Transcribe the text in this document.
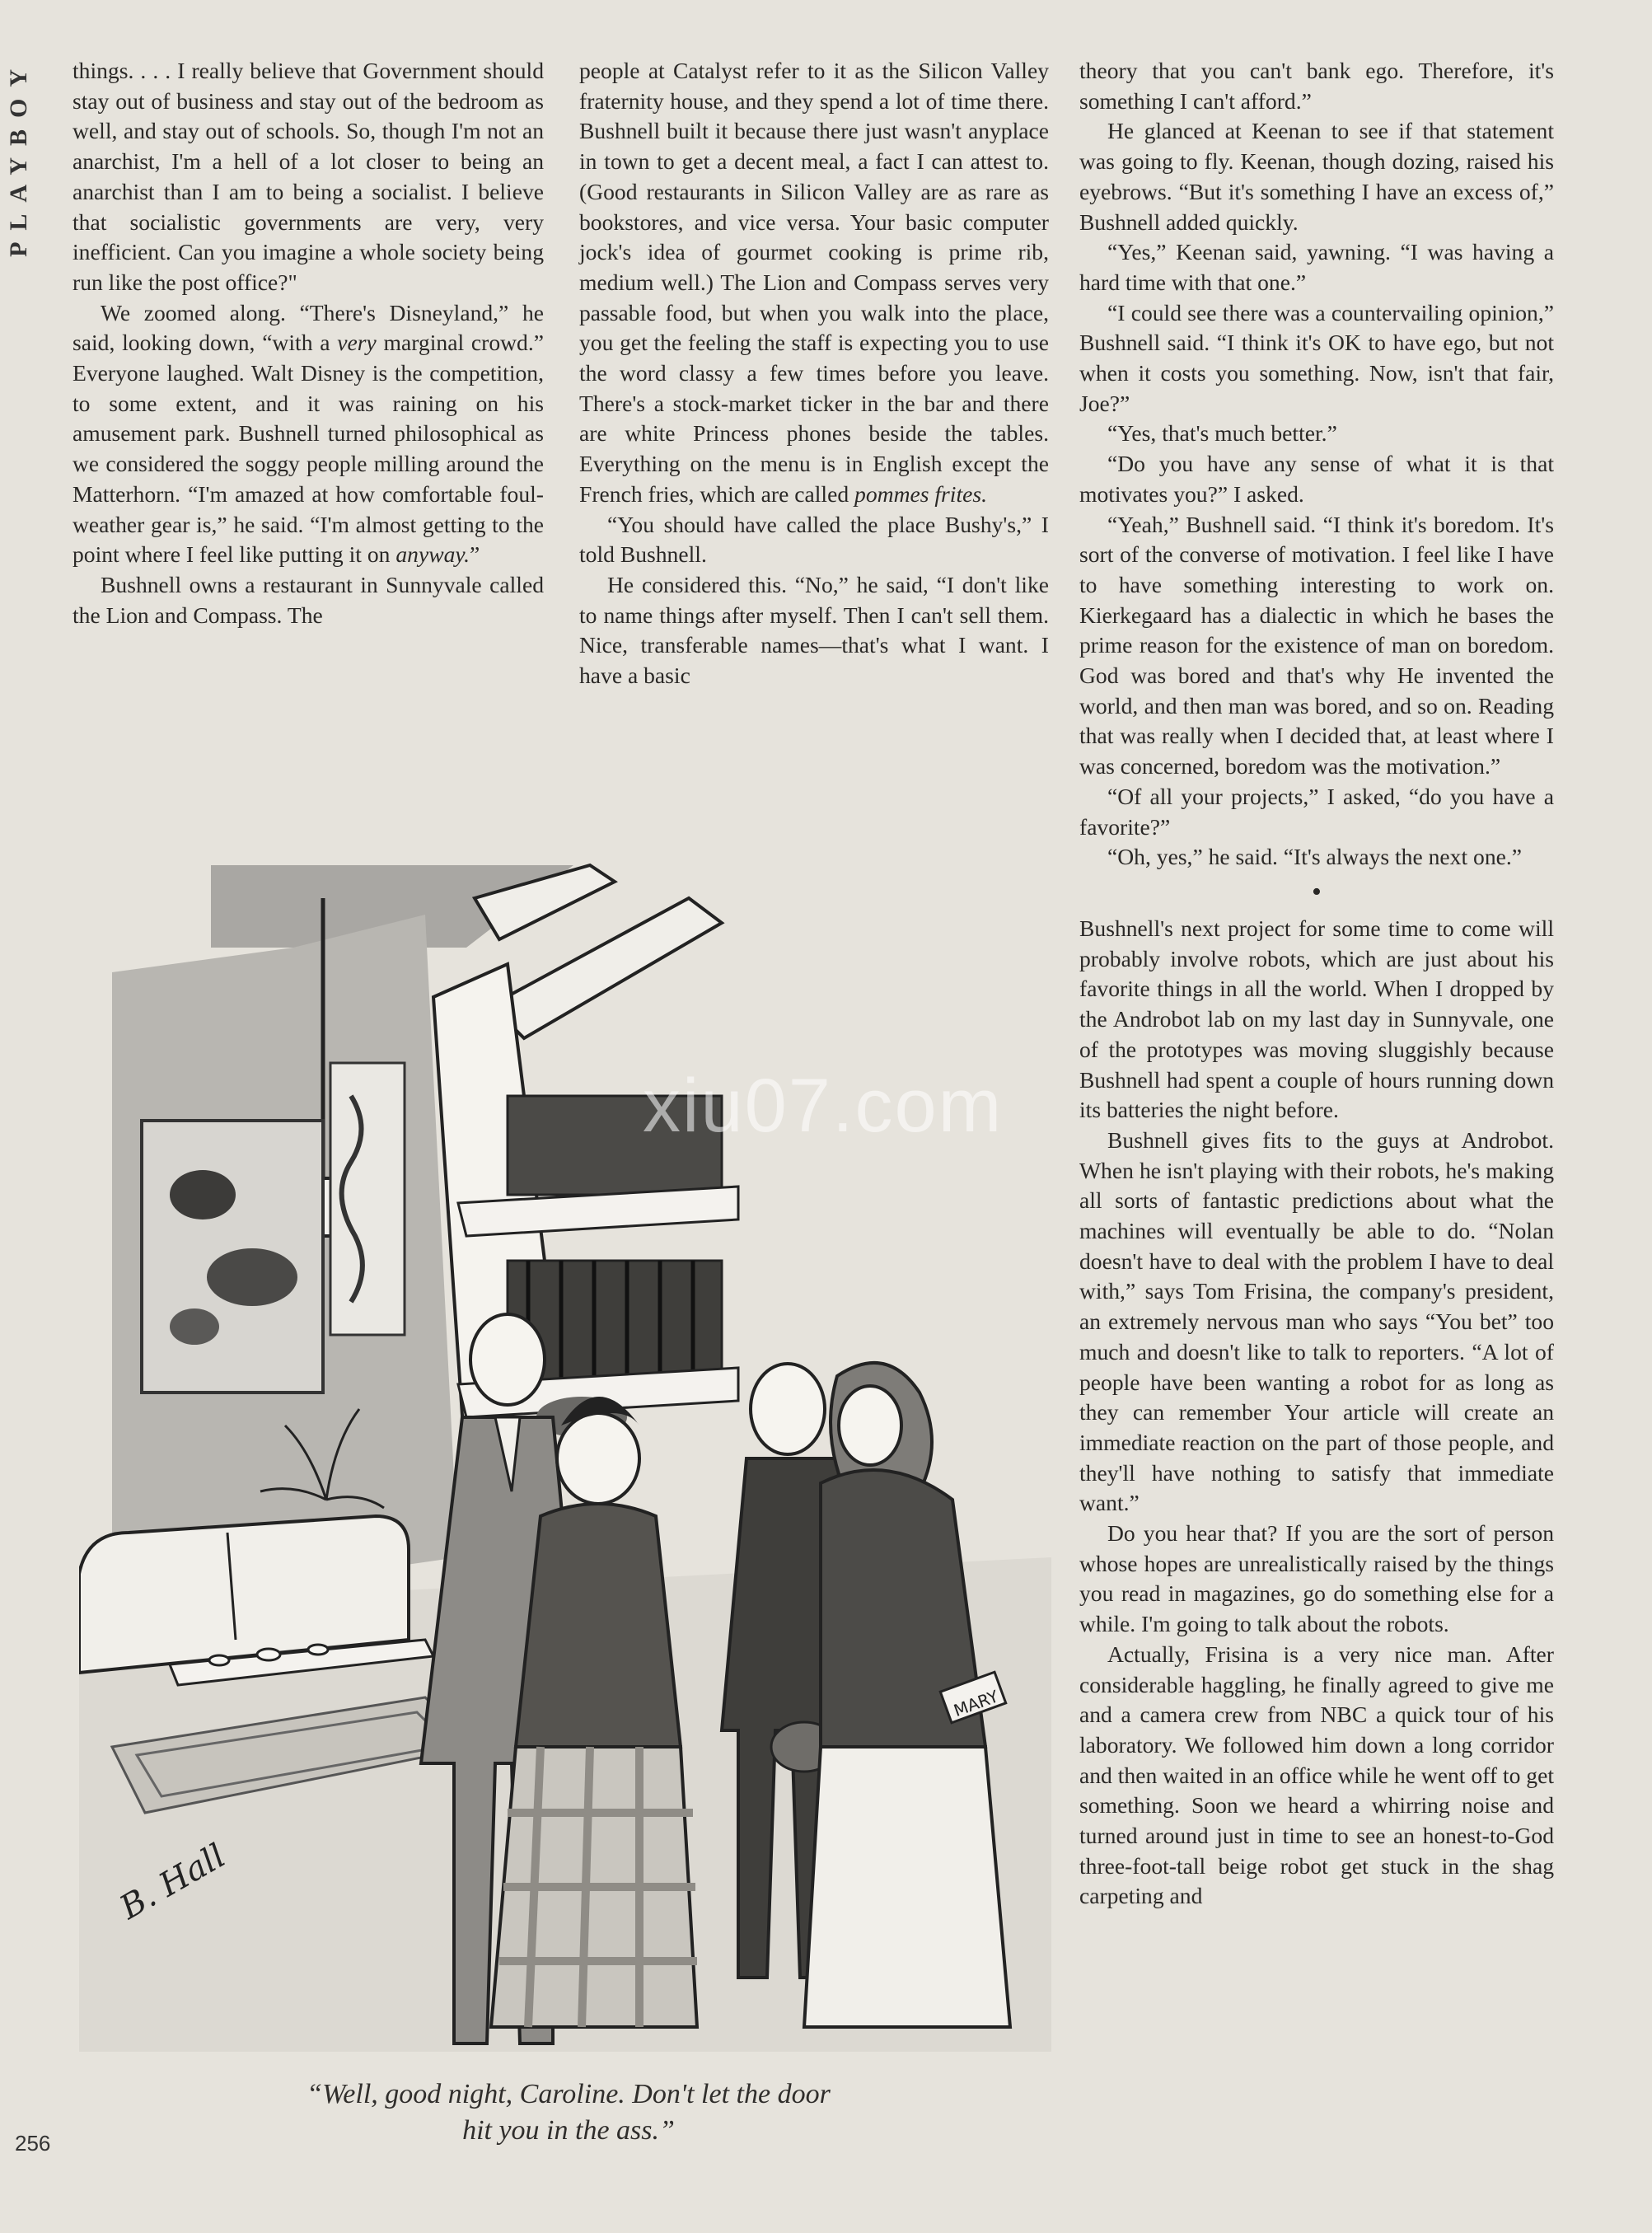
PLAYBOY things. . . . I really believe that Government should stay out of business and stay out of the bedroom as well, and stay out of schools. So, though I'm not an anarchist, I'm a hell of a lot closer to being an anarchist than I am to being a socialist. I believe that socialistic governments are very, very inefficient. Can you imagine a whole society being run like the post office?"

We zoomed along. “There's Disneyland,” he said, looking down, “with a very marginal crowd.” Everyone laughed. Walt Disney is the competition, to some extent, and it was raining on his amusement park. Bushnell turned philosophical as we considered the soggy people milling around the Matterhorn. “I'm amazed at how comfortable foul-weather gear is,” he said. “I'm almost getting to the point where I feel like putting it on anyway.”

Bushnell owns a restaurant in Sunnyvale called the Lion and Compass. The

people at Catalyst refer to it as the Silicon Valley fraternity house, and they spend a lot of time there. Bushnell built it because there just wasn't anyplace in town to get a decent meal, a fact I can attest to. (Good restaurants in Silicon Valley are as rare as bookstores, and vice versa. Your basic computer jock's idea of gourmet cooking is prime rib, medium well.) The Lion and Compass serves very passable food, but when you walk into the place, you get the feeling the staff is expecting you to use the word classy a few times before you leave. There's a stock-market ticker in the bar and there are white Princess phones beside the tables. Everything on the menu is in English except the French fries, which are called pommes frites.

“You should have called the place Bushy's,” I told Bushnell.

He considered this. “No,” he said, “I don't like to name things after myself. Then I can't sell them. Nice, transferable names—that's what I want. I have a basic

theory that you can't bank ego. Therefore, it's something I can't afford.”

He glanced at Keenan to see if that statement was going to fly. Keenan, though dozing, raised his eyebrows. “But it's something I have an excess of,” Bushnell added quickly.

“Yes,” Keenan said, yawning. “I was having a hard time with that one.”

“I could see there was a countervailing opinion,” Bushnell said. “I think it's OK to have ego, but not when it costs you something. Now, isn't that fair, Joe?”

“Yes, that's much better.”

“Do you have any sense of what it is that motivates you?” I asked.

“Yeah,” Bushnell said. “I think it's boredom. It's sort of the converse of motivation. I feel like I have to have something interesting to work on. Kierkegaard has a dialectic in which he bases the prime reason for the existence of man on boredom. God was bored and that's why He invented the world, and then man was bored, and so on. Reading that was really when I decided that, at least where I was concerned, boredom was the motivation.”

“Of all your projects,” I asked, “do you have a favorite?”

“Oh, yes,” he said. “It's always the next one.”

•

Bushnell's next project for some time to come will probably involve robots, which are just about his favorite things in all the world. When I dropped by the Androbot lab on my last day in Sunnyvale, one of the prototypes was moving sluggishly because Bushnell had spent a couple of hours running down its batteries the night before.

Bushnell gives fits to the guys at Androbot. When he isn't playing with their robots, he's making all sorts of fantastic predictions about what the machines will eventually be able to do. “Nolan doesn't have to deal with the problem I have to deal with,” says Tom Frisina, the company's president, an extremely nervous man who says “You bet” too much and doesn't like to talk to reporters. “A lot of people have been wanting a robot for as long as they can remember Your article will create an immediate reaction on the part of those people, and they'll have nothing to satisfy that immediate want.”

Do you hear that? If you are the sort of person whose hopes are unrealistically raised by the things you read in magazines, go do something else for a while. I'm going to talk about the robots.

Actually, Frisina is a very nice man. After considerable haggling, he finally agreed to give me and a camera crew from NBC a quick tour of his laboratory. We followed him down a long corridor and then waited in an office while he went off to get something. Soon we heard a whirring noise and turned around just in time to see an honest-to-God three-foot-tall beige robot get stuck in the shag carpeting and

MARY
B. Hall
“Well, good night, Caroline. Don't let the door
hit you in the ass.”
256
xiu07.com
